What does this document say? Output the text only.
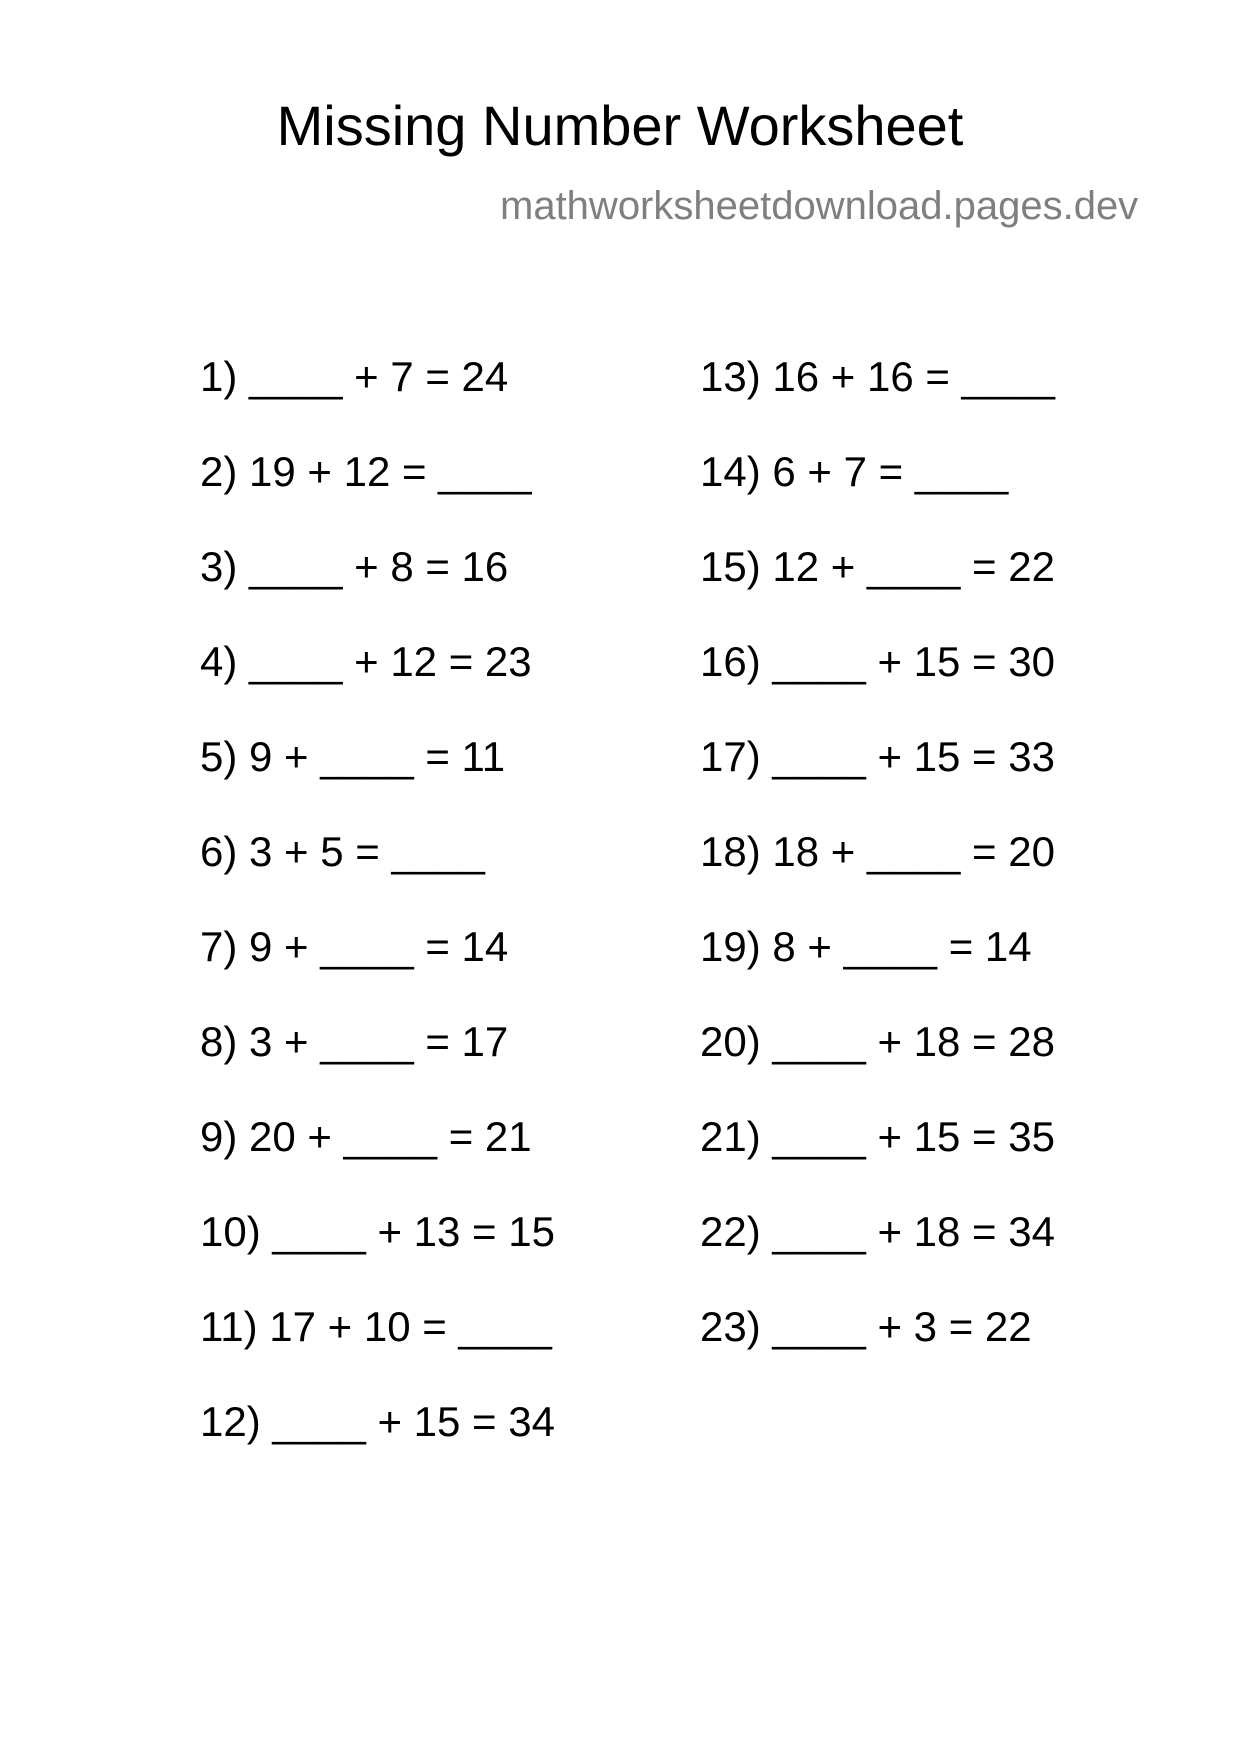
Missing Number Worksheet
mathworksheetdownload.pages.dev
1) ____ + 7 = 24
2) 19 + 12 = ____
3) ____ + 8 = 16
4) ____ + 12 = 23
5) 9 + ____ = 11
6) 3 + 5 = ____
7) 9 + ____ = 14
8) 3 + ____ = 17
9) 20 + ____ = 21
10) ____ + 13 = 15
11) 17 + 10 = ____
12) ____ + 15 = 34
13) 16 + 16 = ____
14) 6 + 7 = ____
15) 12 + ____ = 22
16) ____ + 15 = 30
17) ____ + 15 = 33
18) 18 + ____ = 20
19) 8 + ____ = 14
20) ____ + 18 = 28
21) ____ + 15 = 35
22) ____ + 18 = 34
23) ____ + 3 = 22
